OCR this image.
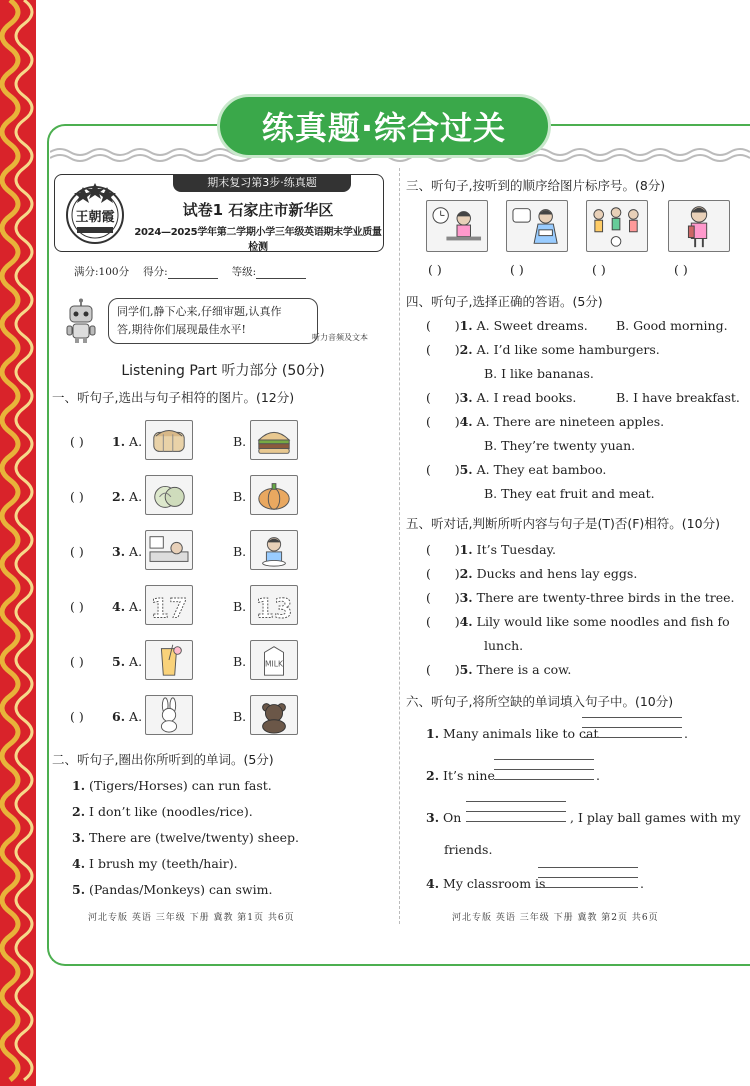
练真题·综合过关
王朝霞
期末复习第3步·练真题
试卷1 石家庄市新华区
2024—2025学年第二学期小学三年级英语期末学业质量检测
满分:100分 得分:	等级:
同学们,静下心来,仔细审题,认真作
答,期待你们展现最佳水平!
听力音频及文本
Listening Part 听力部分 (50分)
一、听句子,选出与句子相符的图片。(12分)
( ) 1. A.	B.
( ) 2. A.	B.
( ) 3. A.	B.
( ) 4. A. 17	B. 13
( ) 5. A.	B. MILK
( ) 6. A.	B.
二、听句子,圈出你所听到的单词。(5分)
1. (Tigers/Horses) can run fast.
2. I don’t like (noodles/rice).
3. There are (twelve/twenty) sheep.
4. I brush my (teeth/hair).
5. (Pandas/Monkeys) can swim.
河北专版 英语 三年级 下册 冀教 第1页 共6页
三、听句子,按听到的顺序给图片标序号。(8分)
( )	( )	( )	( )
四、听句子,选择正确的答语。(5分)
(      )1. A. Sweet dreams. B. Good morning.
(      )2. A. I’d like some hamburgers.
B. I like bananas.
(      )3. A. I read books.	B. I have breakfast.
(      )4. A. There are nineteen apples.
B. They’re twenty yuan.
(      )5. A. They eat bamboo.
B. They eat fruit and meat.
五、听对话,判断所听内容与句子是(T)否(F)相符。(10分)
(      )1. It’s Tuesday.
(      )2. Ducks and hens lay eggs.
(      )3. There are twenty-three birds in the tree.
(      )4. Lily would like some noodles and fish fo
lunch.
(      )5. There is a cow.
六、听句子,将所空缺的单词填入句子中。(10分)
1. Many animals like to cat	.
2. It’s nine	.
3. On	, I play ball games with my
friends.
4. My classroom is	.
河北专版 英语 三年级 下册 冀教 第2页 共6页
